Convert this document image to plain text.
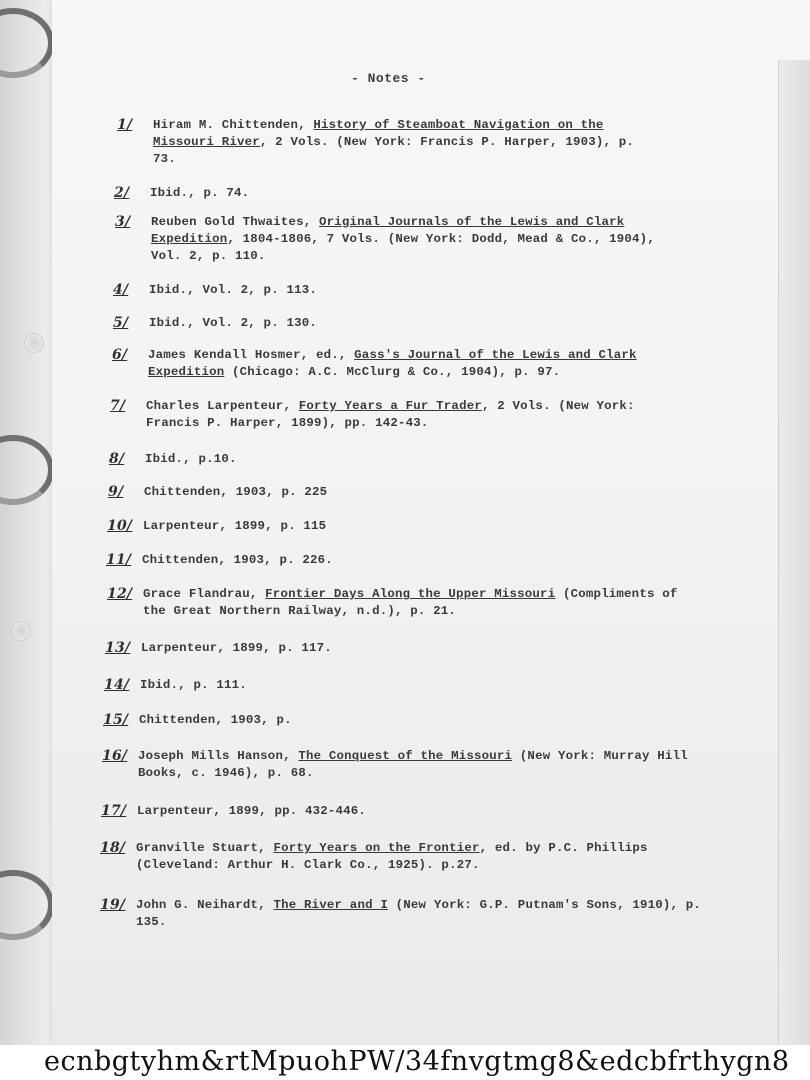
- Notes -
1/ Hiram M. Chittenden, History of Steamboat Navigation on the Missouri River, 2 Vols. (New York: Francis P. Harper, 1903), p. 73.
2/ Ibid., p. 74.
3/ Reuben Gold Thwaites, Original Journals of the Lewis and Clark Expedition, 1804-1806, 7 Vols. (New York: Dodd, Mead & Co., 1904), Vol. 2, p. 110.
4/ Ibid., Vol. 2, p. 113.
5/ Ibid., Vol. 2, p. 130.
6/ James Kendall Hosmer, ed., Gass's Journal of the Lewis and Clark Expedition (Chicago: A.C. McClurg & Co., 1904), p. 97.
7/ Charles Larpenteur, Forty Years a Fur Trader, 2 Vols. (New York: Francis P. Harper, 1899), pp. 142-43.
8/ Ibid., p.10.
9/ Chittenden, 1903, p. 225
10/ Larpenteur, 1899, p. 115
11/ Chittenden, 1903, p. 226.
12/ Grace Flandrau, Frontier Days Along the Upper Missouri (Compliments of the Great Northern Railway, n.d.), p. 21.
13/ Larpenteur, 1899, p. 117.
14/ Ibid., p. 111.
15/ Chittenden, 1903, p.
16/ Joseph Mills Hanson, The Conquest of the Missouri (New York: Murray Hill Books, c. 1946), p. 68.
17/ Larpenteur, 1899, pp. 432-446.
18/ Granville Stuart, Forty Years on the Frontier, ed. by P.C. Phillips (Cleveland: Arthur H. Clark Co., 1925). p.27.
19/ John G. Neihardt, The River and I (New York: G.P. Putnam's Sons, 1910), p. 135.
ecnbgtyhm&rtMpuohPW/34fnvgtmg8&edcbfrthygn8
